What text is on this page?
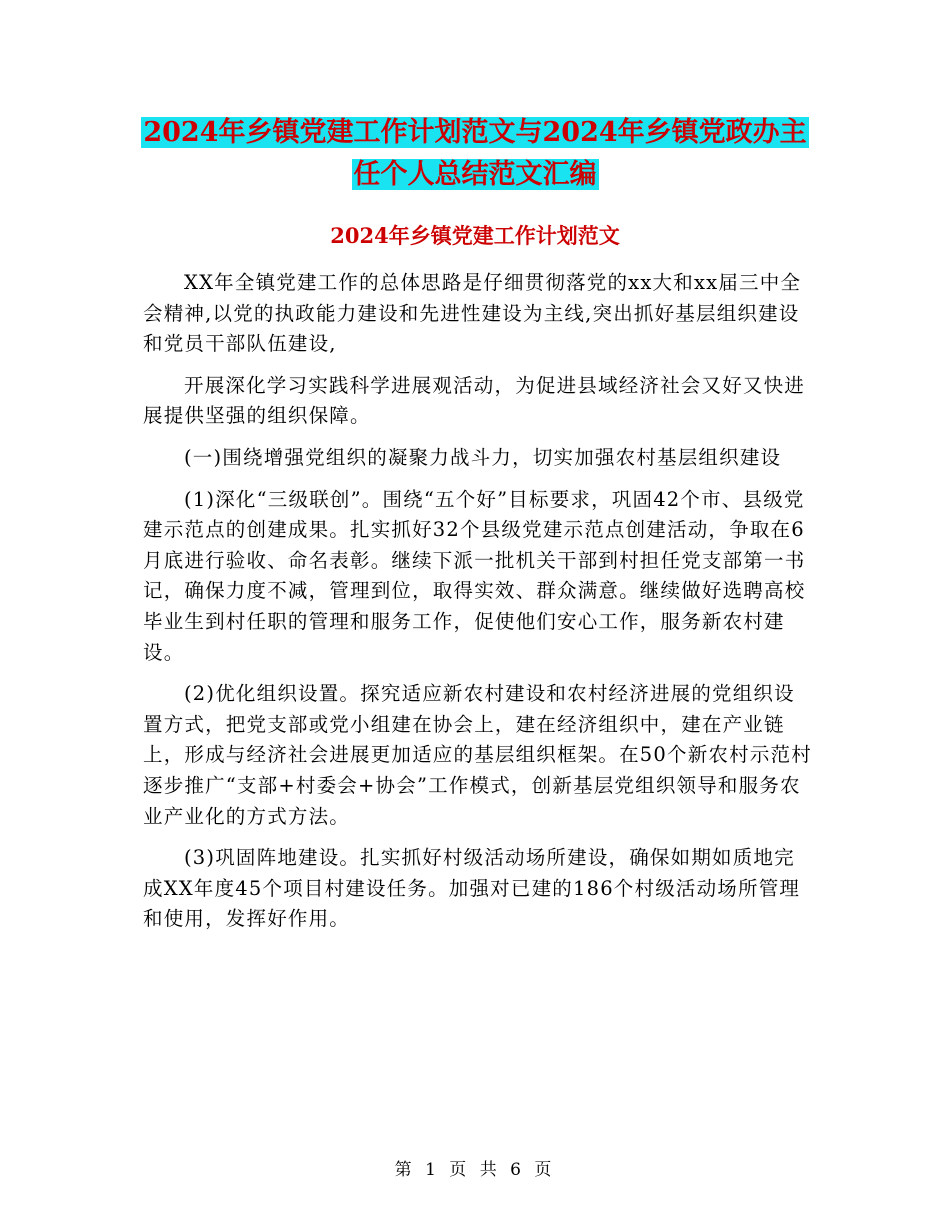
2024年乡镇党建工作计划范文与2024年乡镇党政办主
任个人总结范文汇编
2024年乡镇党建工作计划范文

XX年全镇党建工作的总体思路是仔细贯彻落党的xx大和xx届三中全会精神,以党的执政能力建设和先进性建设为主线,突出抓好基层组织建设和党员干部队伍建设,

开展深化学习实践科学进展观活动，为促进县域经济社会又好又快进展提供坚强的组织保障。

(一)围绕增强党组织的凝聚力战斗力，切实加强农村基层组织建设

(1)深化“三级联创”。围绕“五个好”目标要求，巩固42个市、县级党建示范点的创建成果。扎实抓好32个县级党建示范点创建活动，争取在6月底进行验收、命名表彰。继续下派一批机关干部到村担任党支部第一书记，确保力度不减，管理到位，取得实效、群众满意。继续做好选聘高校毕业生到村任职的管理和服务工作，促使他们安心工作，服务新农村建设。

(2)优化组织设置。探究适应新农村建设和农村经济进展的党组织设置方式，把党支部或党小组建在协会上，建在经济组织中，建在产业链上，形成与经济社会进展更加适应的基层组织框架。在50个新农村示范村逐步推广“支部+村委会+协会”工作模式，创新基层党组织领导和服务农业产业化的方式方法。

(3)巩固阵地建设。扎实抓好村级活动场所建设，确保如期如质地完成XX年度45个项目村建设任务。加强对已建的186个村级活动场所管理和使用，发挥好作用。

第 1 页 共 6 页
